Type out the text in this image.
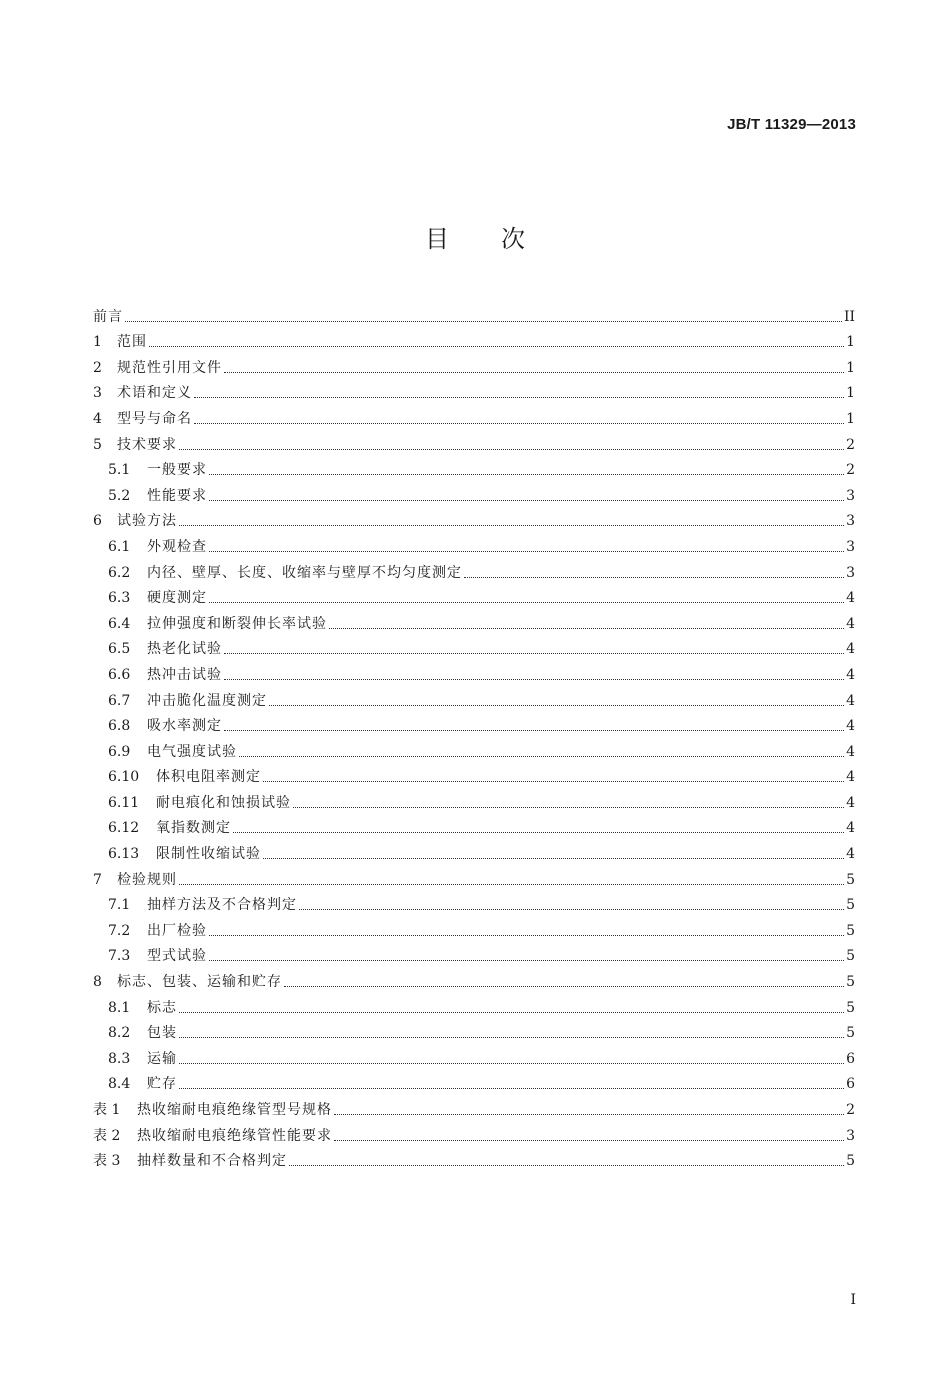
JB/T 11329—2013
目次
前言	II
1	范围	1
2	规范性引用文件	1
3	术语和定义	1
4	型号与命名	1
5	技术要求	2
5.1	一般要求	2
5.2	性能要求	3
6	试验方法	3
6.1	外观检查	3
6.2	内径、壁厚、长度、收缩率与壁厚不均匀度测定	3
6.3	硬度测定	4
6.4	拉伸强度和断裂伸长率试验	4
6.5	热老化试验	4
6.6	热冲击试验	4
6.7	冲击脆化温度测定	4
6.8	吸水率测定	4
6.9	电气强度试验	4
6.10	体积电阻率测定	4
6.11	耐电痕化和蚀损试验	4
6.12	氧指数测定	4
6.13	限制性收缩试验	4
7	检验规则	5
7.1	抽样方法及不合格判定	5
7.2	出厂检验	5
7.3	型式试验	5
8	标志、包装、运输和贮存	5
8.1	标志	5
8.2	包装	5
8.3	运输	6
8.4	贮存	6
表 1	热收缩耐电痕绝缘管型号规格	2
表 2	热收缩耐电痕绝缘管性能要求	3
表 3	抽样数量和不合格判定	5
I
